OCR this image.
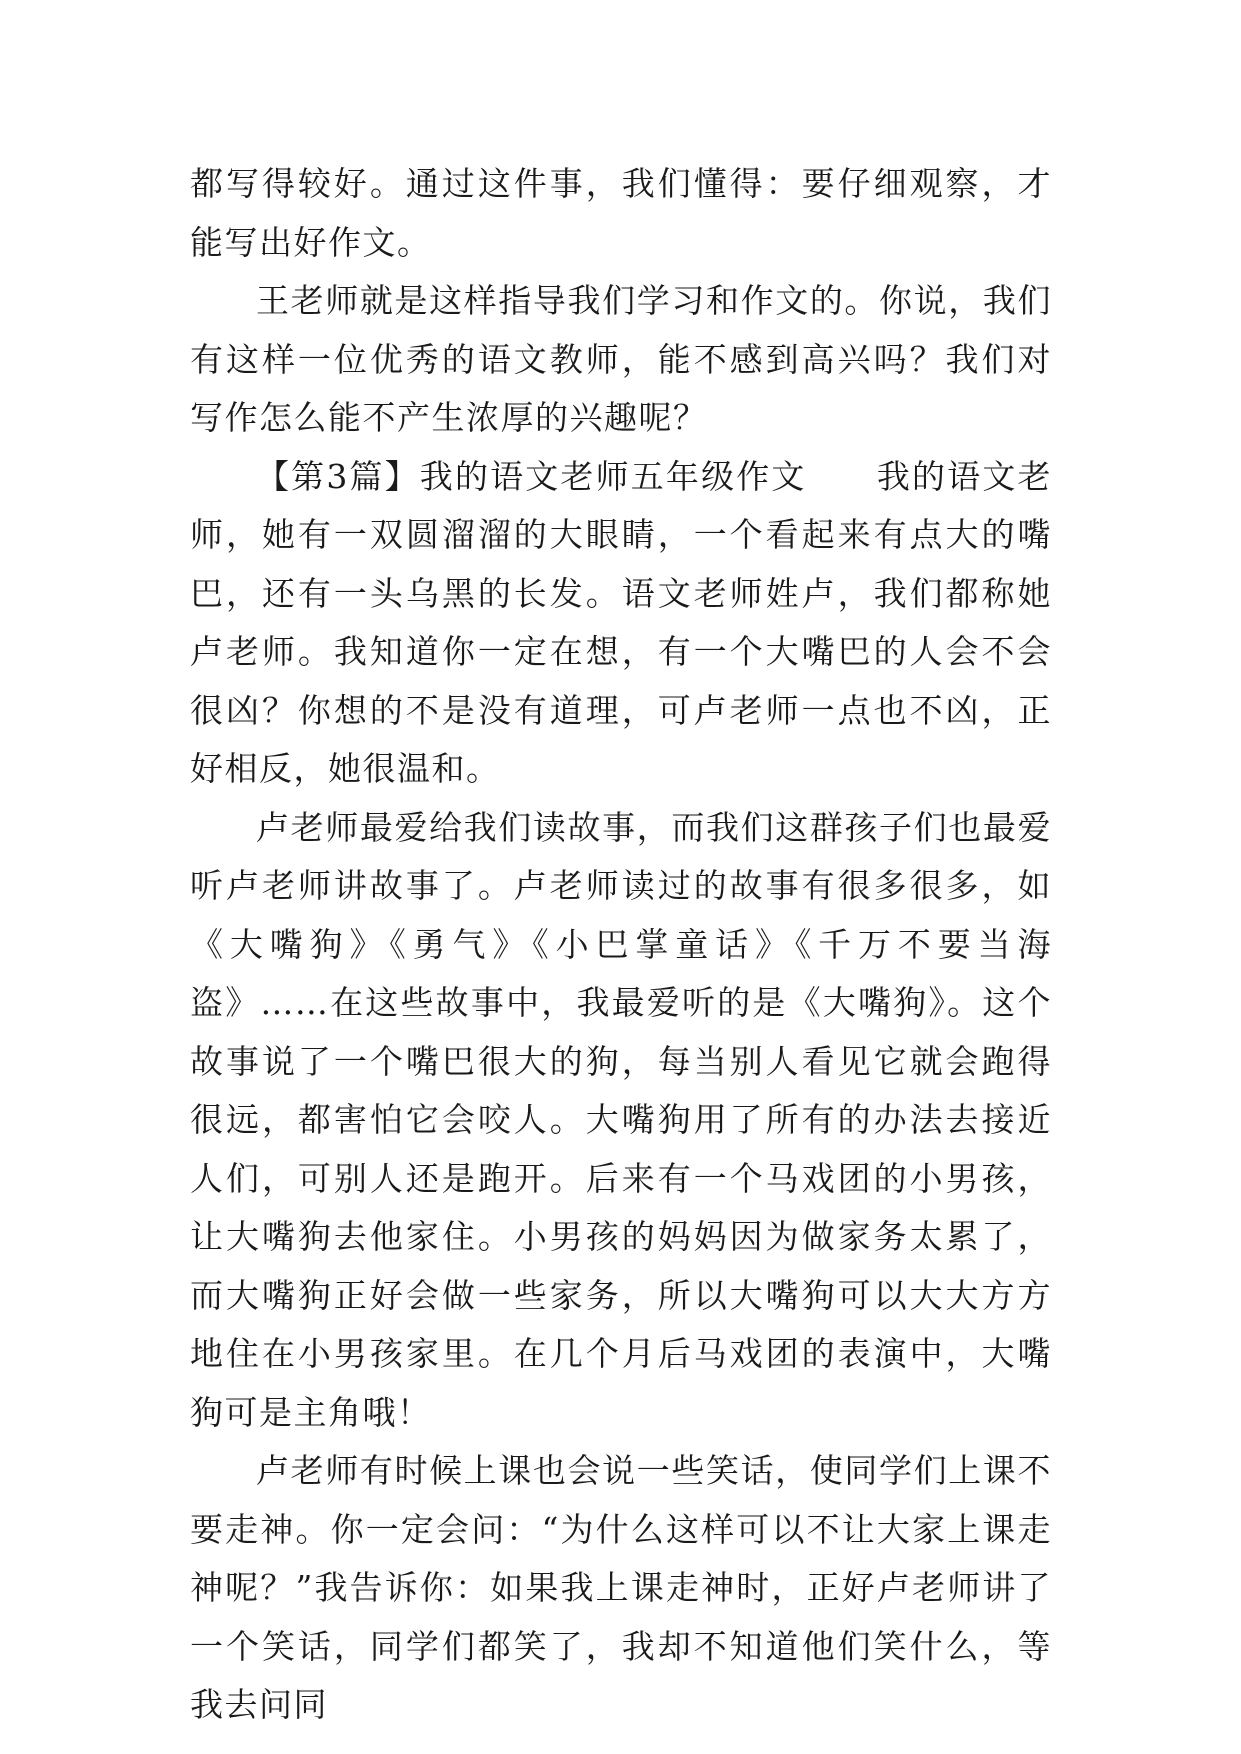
都写得较好。通过这件事，我们懂得：要仔细观察，才能写出好作文。

王老师就是这样指导我们学习和作文的。你说，我们有这样一位优秀的语文教师，能不感到高兴吗？我们对写作怎么能不产生浓厚的兴趣呢？

【第3篇】我的语文老师五年级作文　　我的语文老师，她有一双圆溜溜的大眼睛，一个看起来有点大的嘴巴，还有一头乌黑的长发。语文老师姓卢，我们都称她卢老师。我知道你一定在想，有一个大嘴巴的人会不会很凶？你想的不是没有道理，可卢老师一点也不凶，正好相反，她很温和。

卢老师最爱给我们读故事，而我们这群孩子们也最爱听卢老师讲故事了。卢老师读过的故事有很多很多，如《大嘴狗》《勇气》《小巴掌童话》《千万不要当海盗》……在这些故事中，我最爱听的是《大嘴狗》。这个故事说了一个嘴巴很大的狗，每当别人看见它就会跑得很远，都害怕它会咬人。大嘴狗用了所有的办法去接近人们，可别人还是跑开。后来有一个马戏团的小男孩，让大嘴狗去他家住。小男孩的妈妈因为做家务太累了，而大嘴狗正好会做一些家务，所以大嘴狗可以大大方方地住在小男孩家里。在几个月后马戏团的表演中，大嘴狗可是主角哦！

卢老师有时候上课也会说一些笑话，使同学们上课不要走神。你一定会问：“为什么这样可以不让大家上课走神呢？”我告诉你：如果我上课走神时，正好卢老师讲了一个笑话，同学们都笑了，我却不知道他们笑什么，等我去问同
